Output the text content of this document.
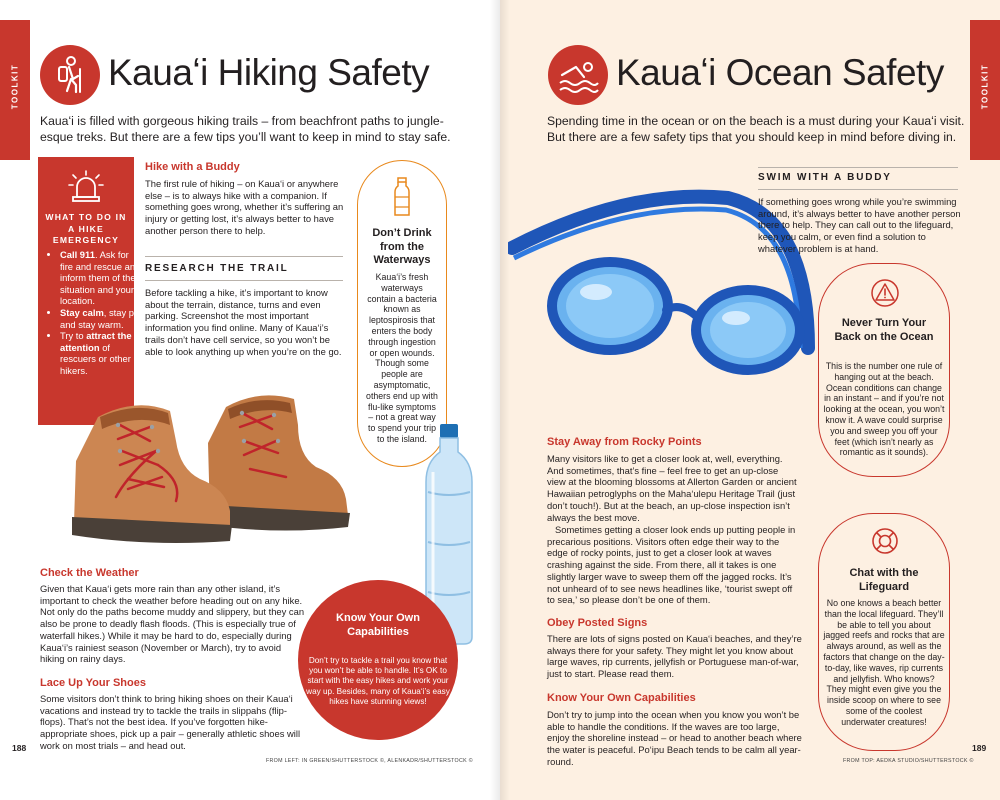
TOOLKIT Kauaʻi Hiking Safety
Kauaʻi is filled with gorgeous hiking trails – from beachfront paths to jungle-esque treks. But there are a few tips you’ll want to keep in mind to stay safe.
WHAT TO DO IN A HIKE EMERGENCY
• Call 911. Ask for fire and rescue and inform them of the situation and your location.
• Stay calm, stay put and stay warm.
• Try to attract the attention of rescuers or other hikers.
Hike with a Buddy
The first rule of hiking – on Kauaʻi or anywhere else – is to always hike with a companion. If something goes wrong, whether it’s suffering an injury or getting lost, it’s always better to have another person there to help.
RESEARCH THE TRAIL
Before tackling a hike, it’s important to know about the terrain, distance, turns and even parking. Screenshot the most important information you find online. Many of Kauaʻi’s trails don’t have cell service, so you won’t be able to look anything up when you’re on the go.
Don’t Drink from the Waterways
Kauaʻi’s fresh waterways contain a bacteria known as leptospirosis that enters the body through ingestion or open wounds. Though some people are asymptomatic, others end up with flu-like symptoms – not a great way to spend your trip to the island.
Check the Weather
Given that Kauaʻi gets more rain than any other island, it’s important to check the weather before heading out on any hike. Not only do the paths become muddy and slippery, but they can also be prone to deadly flash floods. (This is especially true of waterfall hikes.) While it may be hard to do, especially during Kauaʻi’s rainiest season (November or March), try to avoid hiking on rainy days.
Lace Up Your Shoes
Some visitors don’t think to bring hiking shoes on their Kauaʻi vacations and instead try to tackle the trails in slippahs (flip-flops). That’s not the best idea. If you’ve forgotten hike-appropriate shoes, pick up a pair – generally athletic shoes will work on most trials – and head out.
Know Your Own Capabilities
Don’t try to tackle a trail you know that you won’t be able to handle. It’s OK to start with the easy hikes and work your way up. Besides, many of Kauaʻi’s easy hikes have stunning views!
188
FROM LEFT: IN GREEN/SHUTTERSTOCK ©, ALENKADR/SHUTTERSTOCK ©
TOOLKIT
Kauaʻi Ocean Safety
Spending time in the ocean or on the beach is a must during your Kauaʻi visit. But there are a few safety tips that you should keep in mind before diving in.
SWIM WITH A BUDDY
If something goes wrong while you’re swimming around, it’s always better to have another person there to help. They can call out to the lifeguard, keep you calm, or even find a solution to whatever problem is at hand.
Never Turn Your Back on the Ocean
This is the number one rule of hanging out at the beach. Ocean conditions can change in an instant – and if you’re not looking at the ocean, you won’t know it. A wave could surprise you and sweep you off your feet (which isn’t nearly as romantic as it sounds).
Stay Away from Rocky Points
Many visitors like to get a closer look at, well, everything. And sometimes, that’s fine – feel free to get an up-close view at the blooming blossoms at Allerton Garden or ancient Hawaiian petroglyphs on the Mahaʻulepu Heritage Trail (just don’t touch!). But at the beach, an up-close inspection isn’t always the best move.
Sometimes getting a closer look ends up putting people in precarious positions. Visitors often edge their way to the edge of rocky points, just to get a closer look at waves crashing against the side. From there, all it takes is one slightly larger wave to sweep them off the jagged rocks. It’s not unheard of to see news headlines like, ‘tourist swept off to sea,’ so please don’t be one of them.
Obey Posted Signs
There are lots of signs posted on Kauaʻi beaches, and they’re always there for your safety. They might let you know about large waves, rip currents, jellyfish or Portuguese man-of-war, just to start. Please read them.
Know Your Own Capabilities
Don’t try to jump into the ocean when you know you won’t be able to handle the conditions. If the waves are too large, enjoy the shoreline instead – or head to another beach where the water is peaceful. Poʻipu Beach tends to be calm all year-round.
Chat with the Lifeguard
No one knows a beach better than the local lifeguard. They’ll be able to tell you about jagged reefs and rocks that are always around, as well as the factors that change on the day-to-day, like waves, rip currents and jellyfish. Who knows? They might even give you the inside scoop on where to see some of the coolest underwater creatures!
FROM TOP: AEDKA STUDIO/SHUTTERSTOCK ©
189
